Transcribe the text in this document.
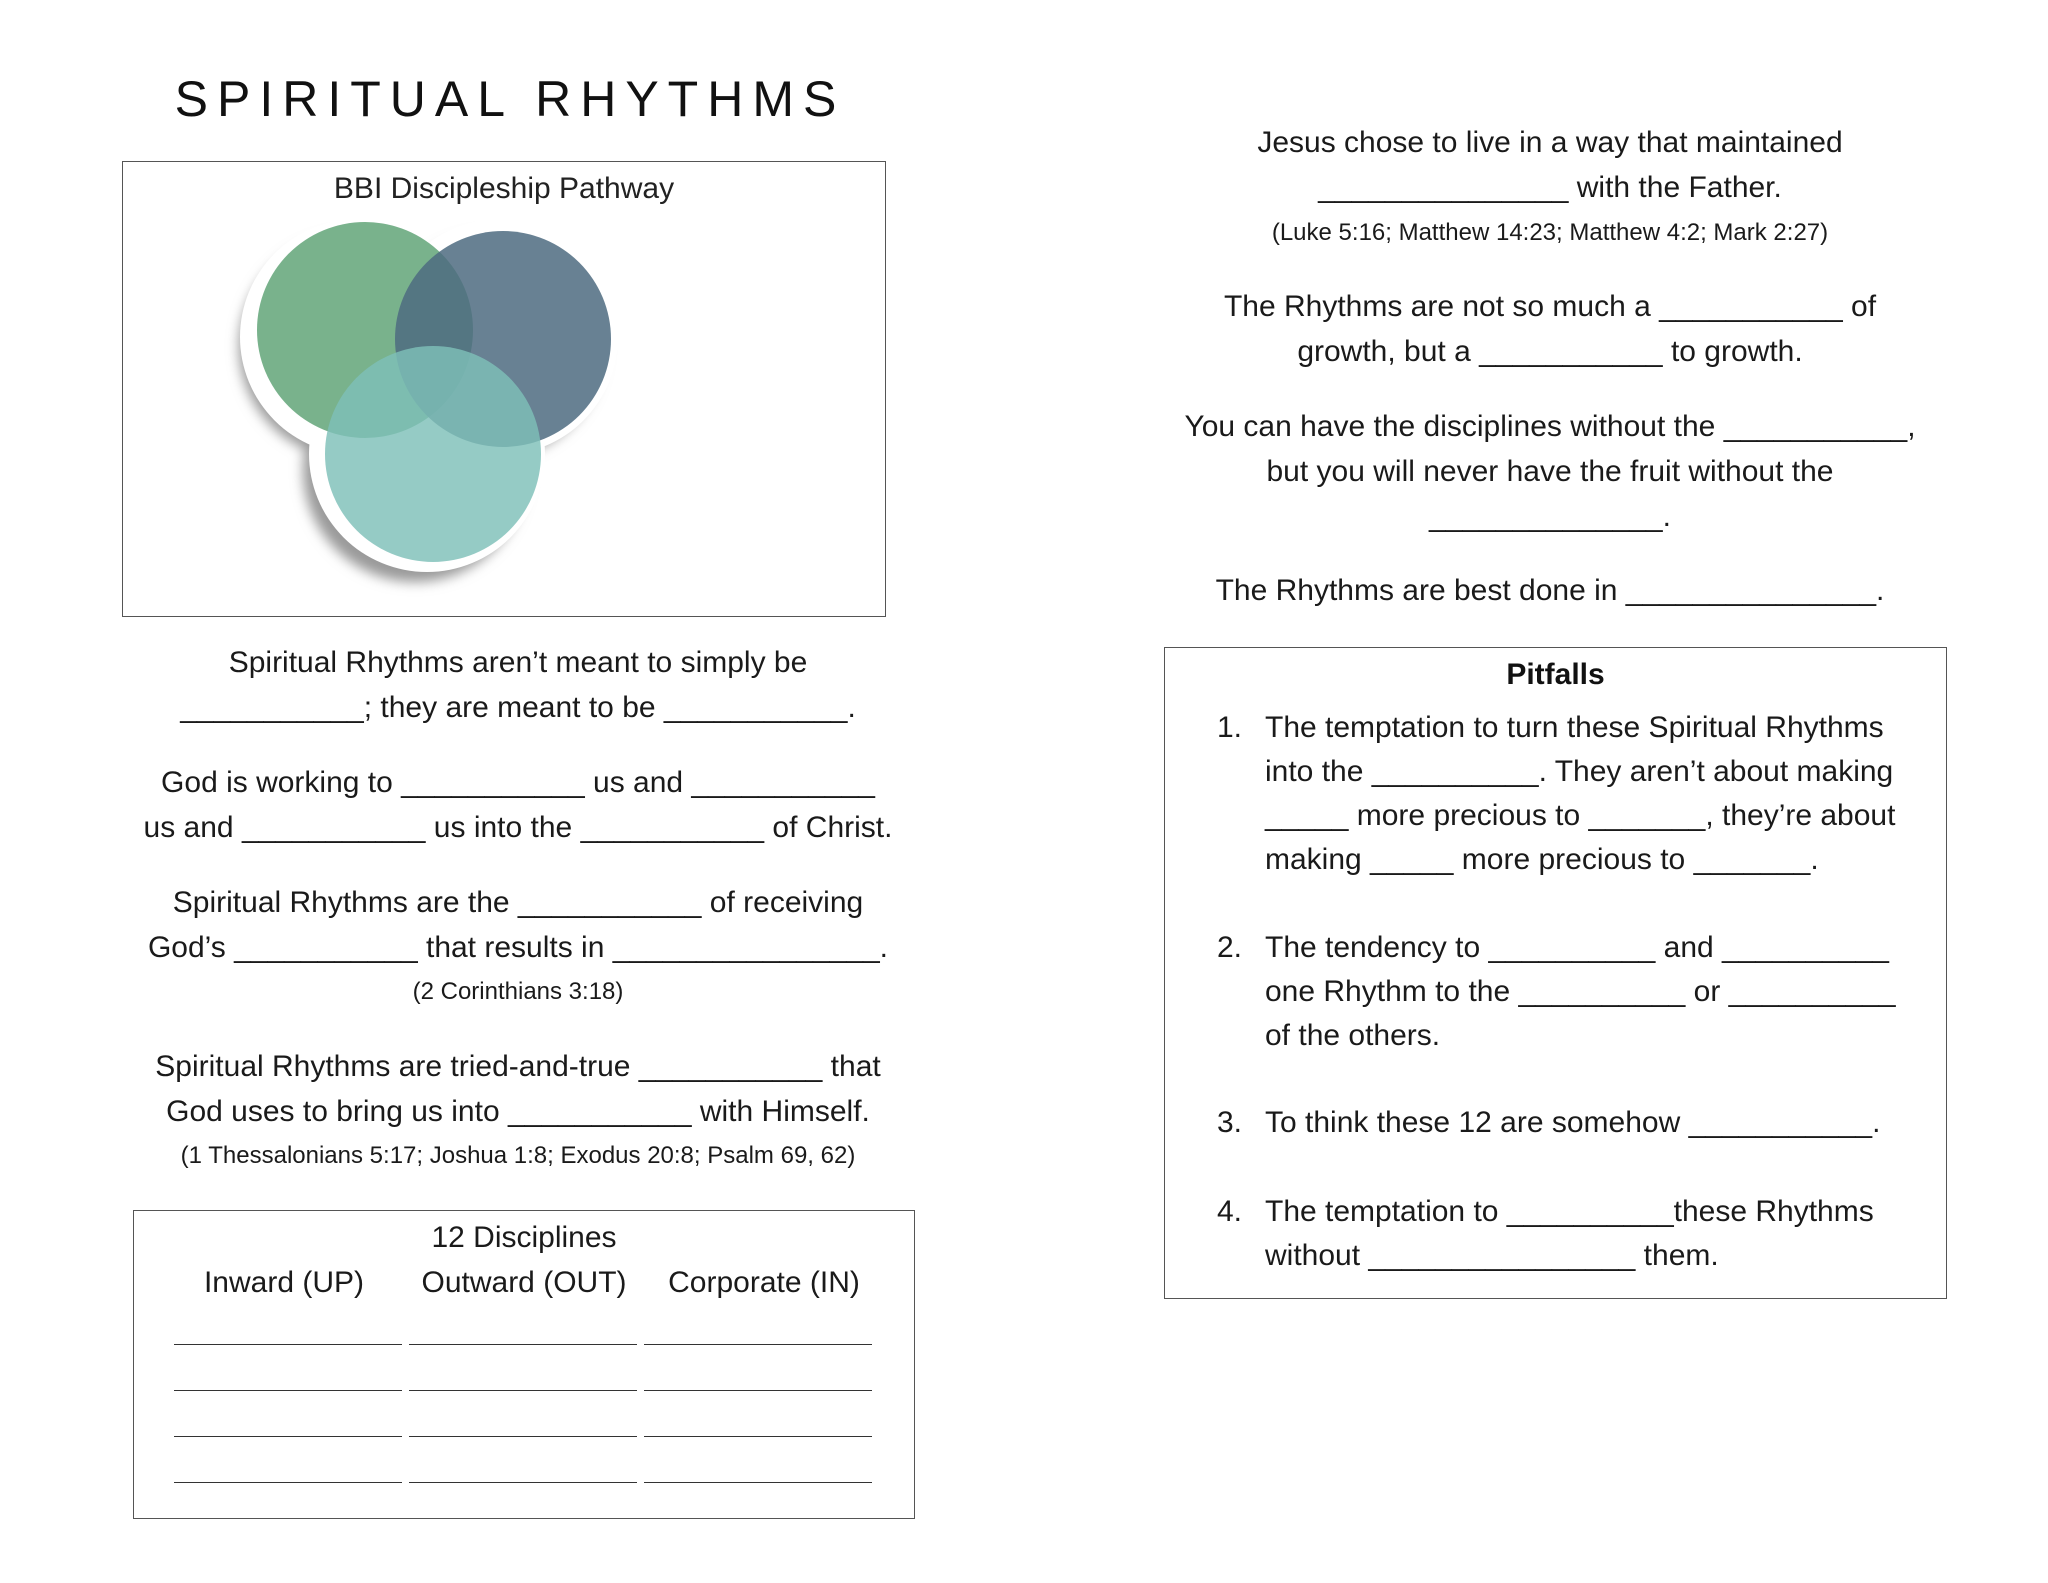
SPIRITUAL RHYTHMS
BBI Discipleship Pathway
Spiritual Rhythms aren’t meant to simply be
___________; they are meant to be ___________.
God is working to ___________ us and ___________
us and ___________ us into the ___________ of Christ.
Spiritual Rhythms are the ___________ of receiving
God’s ___________ that results in ________________.
(2 Corinthians 3:18)
Spiritual Rhythms are tried-and-true ___________ that
God uses to bring us into ___________ with Himself.
(1 Thessalonians 5:17; Joshua 1:8; Exodus 20:8; Psalm 69, 62)
12 Disciplines
Inward (UP)	Outward (OUT)	Corporate (IN)
Jesus chose to live in a way that maintained
_______________ with the Father.
(Luke 5:16; Matthew 14:23; Matthew 4:2; Mark 2:27)
The Rhythms are not so much a ___________ of
growth, but a ___________ to growth.
You can have the disciplines without the ___________,
but you will never have the fruit without the
______________.
The Rhythms are best done in _______________.
Pitfalls
1. The temptation to turn these Spiritual Rhythms
into the __________. They aren’t about making
_____ more precious to _______, they’re about
making _____ more precious to _______.
2. The tendency to __________ and __________
one Rhythm to the __________ or __________
of the others.
3. To think these 12 are somehow ___________.
4. The temptation to __________these Rhythms
without ________________ them.
